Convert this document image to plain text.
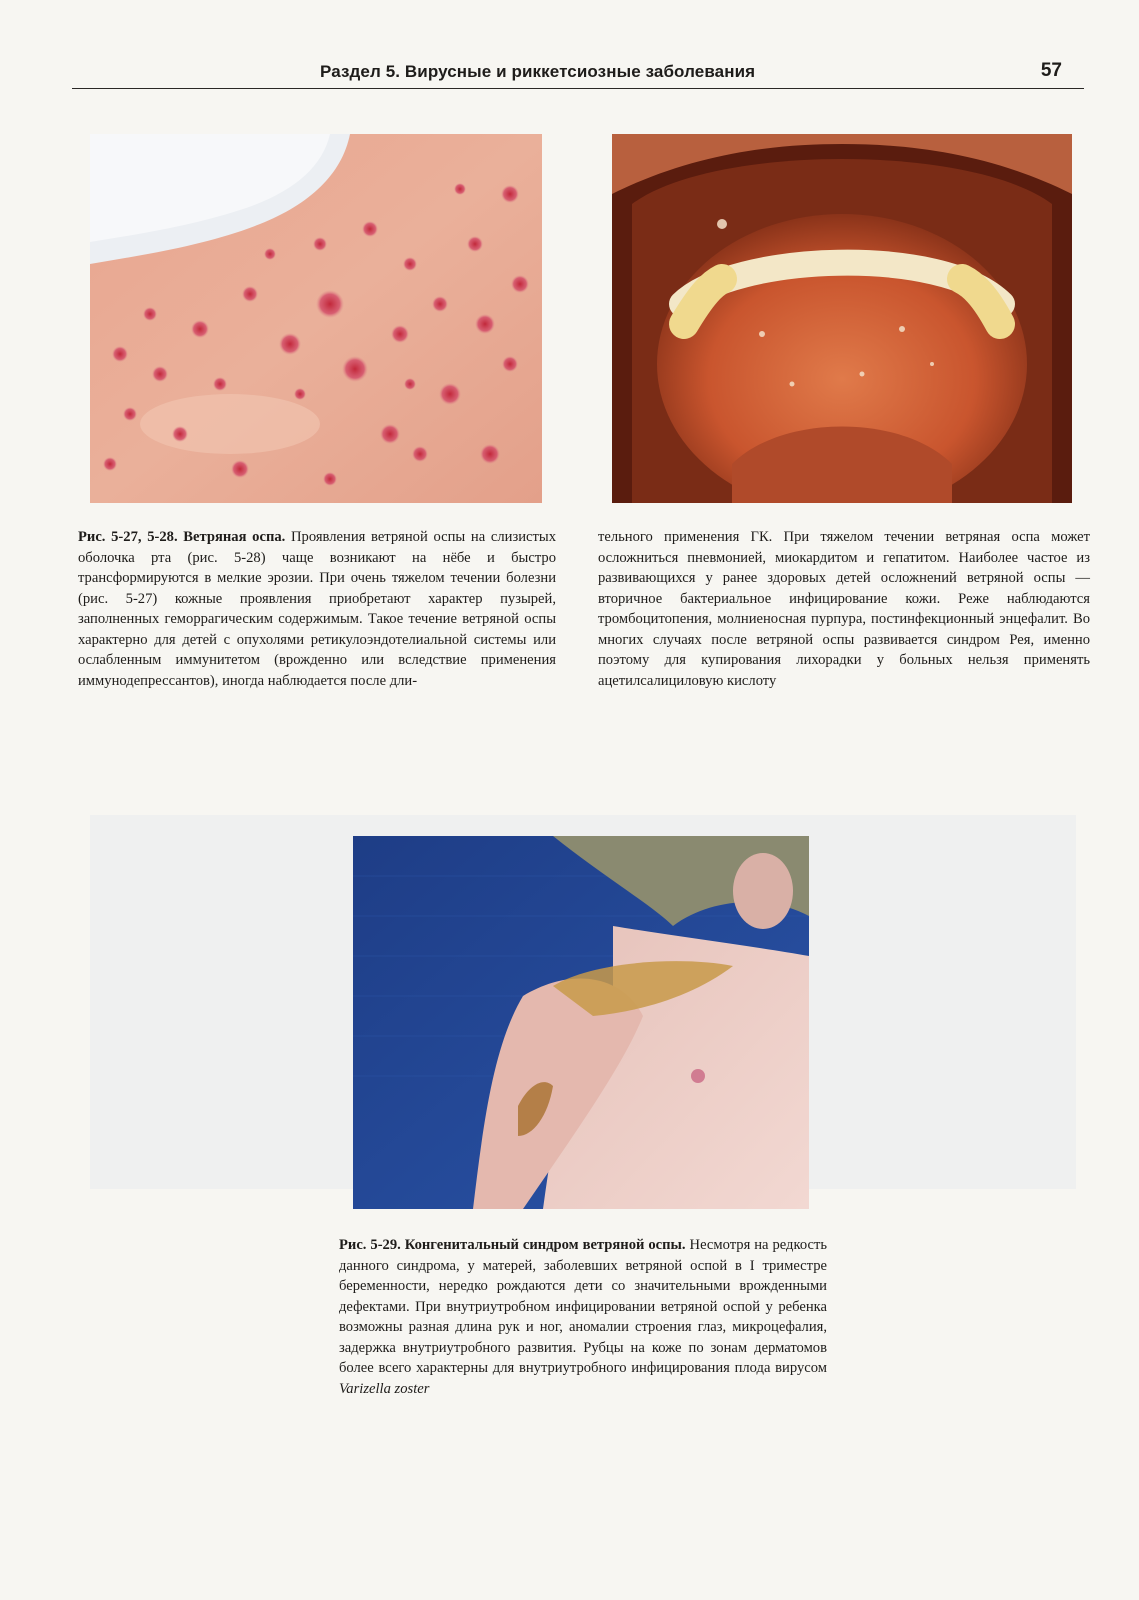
Раздел 5. Вирусные и риккетсиозные заболевания	57

Рис. 5-27, 5-28. Ветряная оспа. Проявления ветряной оспы на слизистых оболочка рта (рис. 5-28) чаще возникают на нёбе и быстро трансформируются в мелкие эрозии. При очень тяжелом течении болезни (рис. 5-27) кожные проявления приобретают характер пузырей, заполненных геморрагическим содержимым. Такое течение ветряной оспы характерно для детей с опухолями ретикулоэндотелиальной системы или ослабленным иммунитетом (врожденно или вследствие применения иммунодепрессантов), иногда наблюдается после дли-

тельного применения ГК. При тяжелом течении ветряная оспа может осложниться пневмонией, миокардитом и гепатитом. Наиболее частое из развивающихся у ранее здоровых детей осложнений ветряной оспы — вторичное бактериальное инфицирование кожи. Реже наблюдаются тромбоцитопения, молниеносная пурпура, постинфекционный энцефалит. Во многих случаях после ветряной оспы развивается синдром Рея, именно поэтому для купирования лихорадки у больных нельзя применять ацетилсалициловую кислоту

Рис. 5-29. Конгенитальный синдром ветряной оспы. Несмотря на редкость данного синдрома, у матерей, заболевших ветряной оспой в I триместре беременности, нередко рождаются дети со значительными врожденными дефектами. При внутриутробном инфицировании ветряной оспой у ребенка возможны разная длина рук и ног, аномалии строения глаз, микроцефалия, задержка внутриутробного развития. Рубцы на коже по зонам дерматомов более всего характерны для внутриутробного инфицирования плода вирусом Varizella zoster
